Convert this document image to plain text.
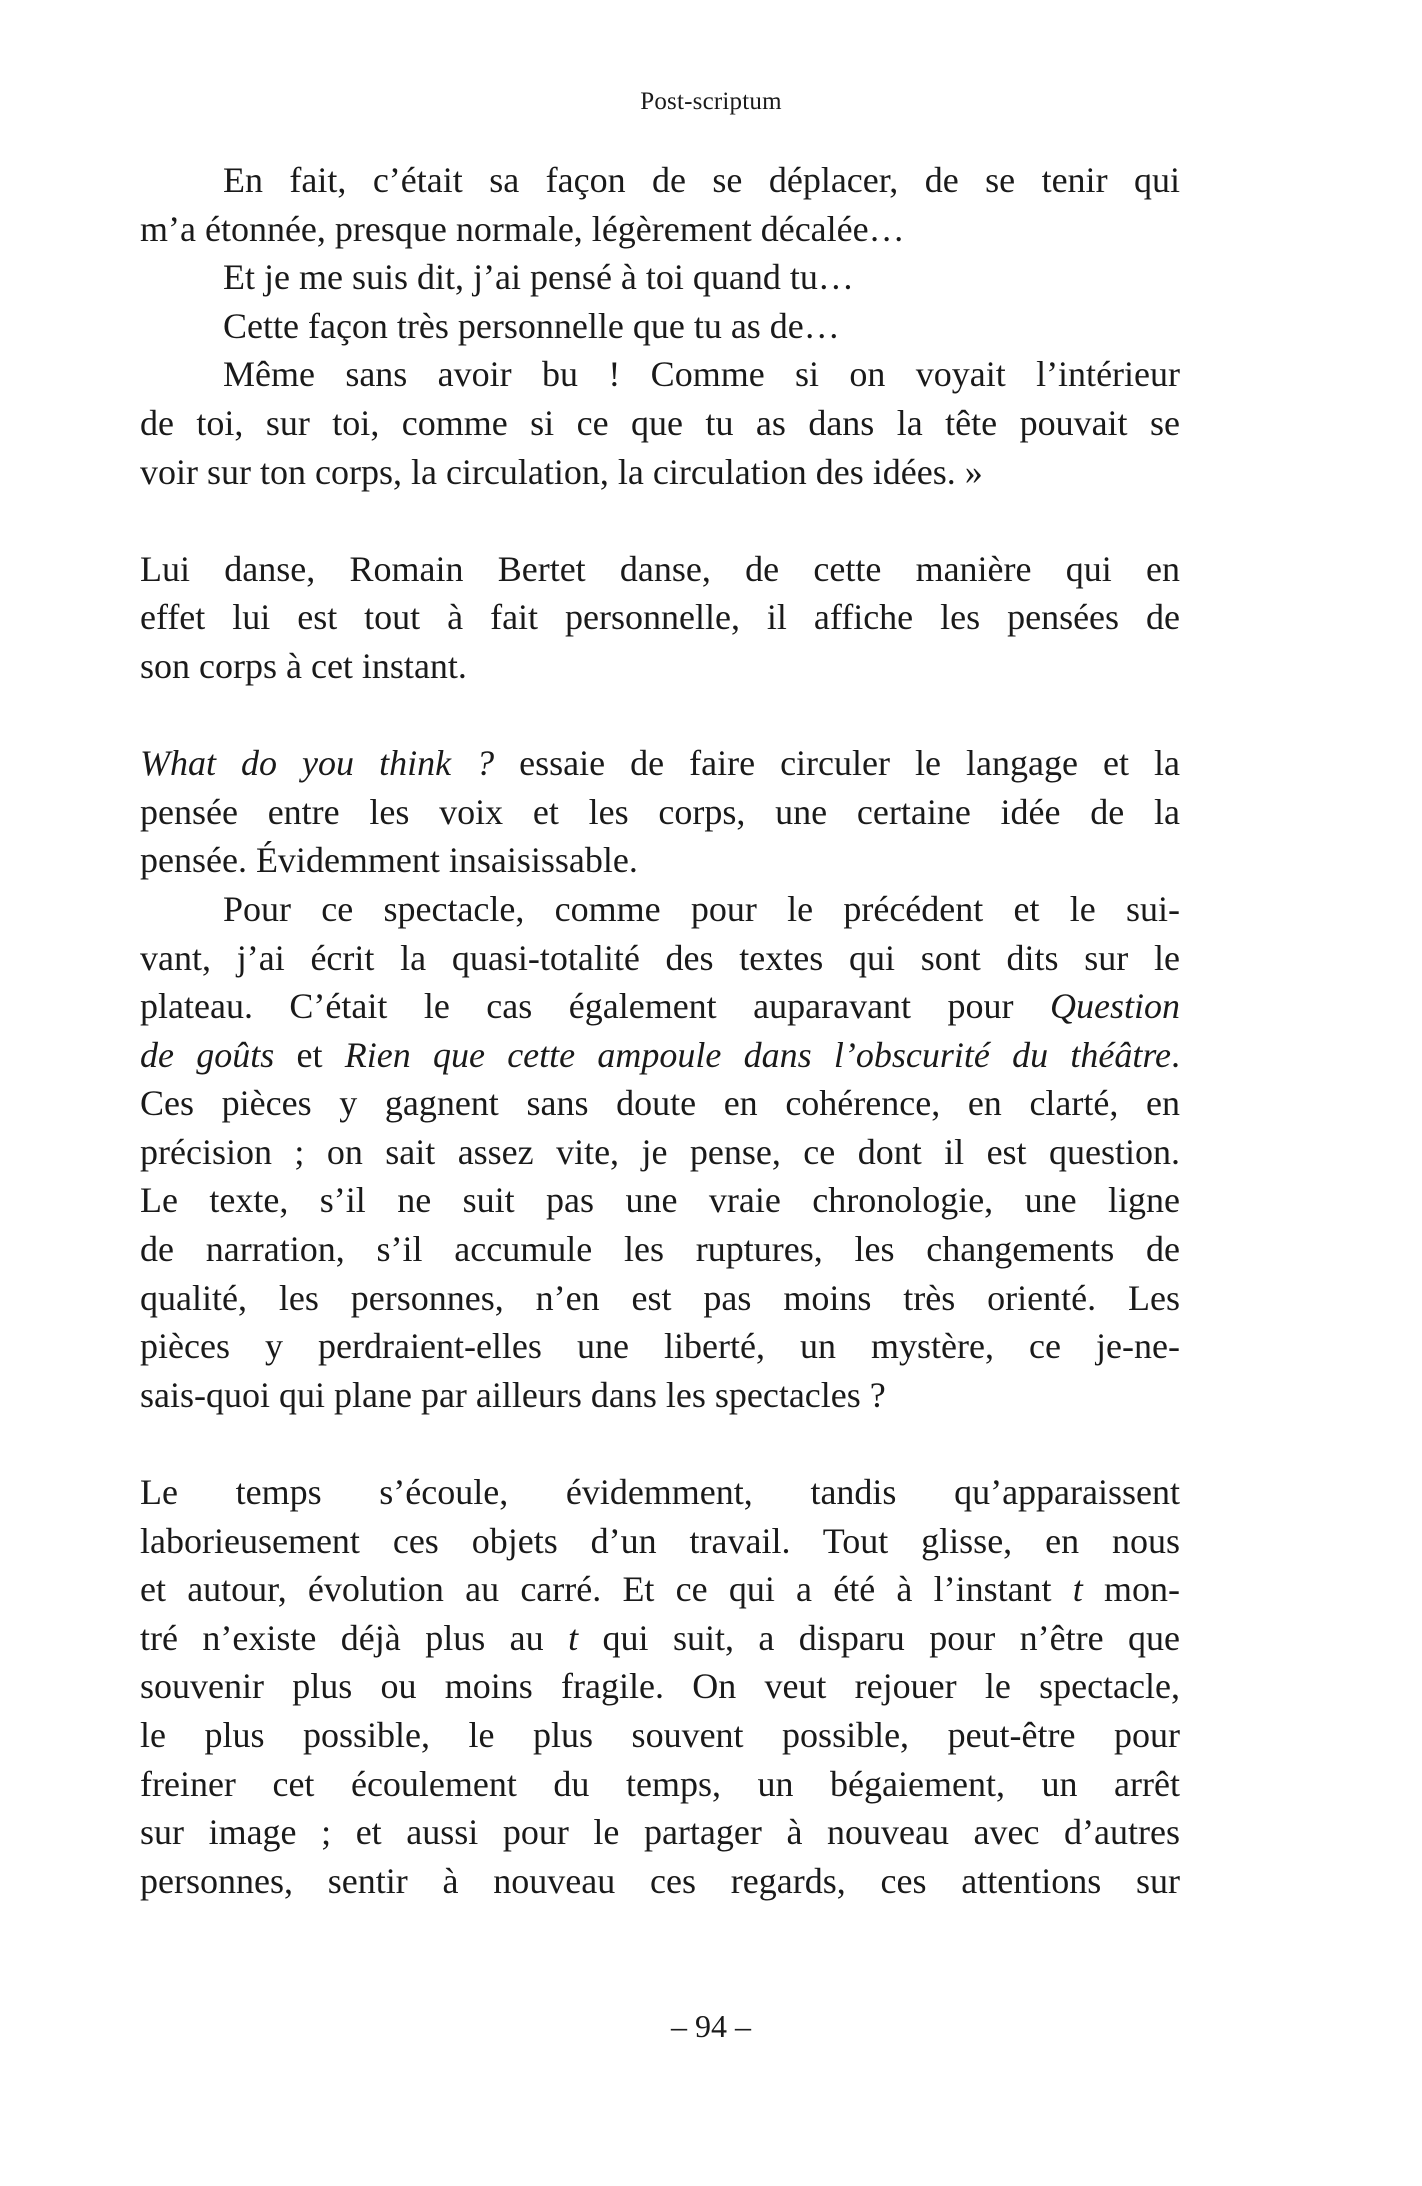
Post-scriptum
En fait, c’était sa façon de se déplacer, de se tenir qui
m’a étonnée, presque normale, légèrement décalée…
Et je me suis dit, j’ai pensé à toi quand tu…
Cette façon très personnelle que tu as de…
Même sans avoir bu ! Comme si on voyait l’intérieur
de toi, sur toi, comme si ce que tu as dans la tête pouvait se
voir sur ton corps, la circulation, la circulation des idées. »
Lui danse, Romain Bertet danse, de cette manière qui en
effet lui est tout à fait personnelle, il affiche les pensées de
son corps à cet instant.
What do you think ? essaie de faire circuler le langage et la
pensée entre les voix et les corps, une certaine idée de la
pensée. Évidemment insaisissable.
Pour ce spectacle, comme pour le précédent et le sui-
vant, j’ai écrit la quasi-totalité des textes qui sont dits sur le
plateau. C’était le cas également auparavant pour Question
de goûts et Rien que cette ampoule dans l’obscurité du théâtre.
Ces pièces y gagnent sans doute en cohérence, en clarté, en
précision ; on sait assez vite, je pense, ce dont il est question.
Le texte, s’il ne suit pas une vraie chronologie, une ligne
de narration, s’il accumule les ruptures, les changements de
qualité, les personnes, n’en est pas moins très orienté. Les
pièces y perdraient-elles une liberté, un mystère, ce je-ne-
sais-quoi qui plane par ailleurs dans les spectacles ?
Le temps s’écoule, évidemment, tandis qu’apparaissent
laborieusement ces objets d’un travail. Tout glisse, en nous
et autour, évolution au carré. Et ce qui a été à l’instant t mon-
tré n’existe déjà plus au t qui suit, a disparu pour n’être que
souvenir plus ou moins fragile. On veut rejouer le spectacle,
le plus possible, le plus souvent possible, peut-être pour
freiner cet écoulement du temps, un bégaiement, un arrêt
sur image ; et aussi pour le partager à nouveau avec d’autres
personnes, sentir à nouveau ces regards, ces attentions sur
– 94 –
